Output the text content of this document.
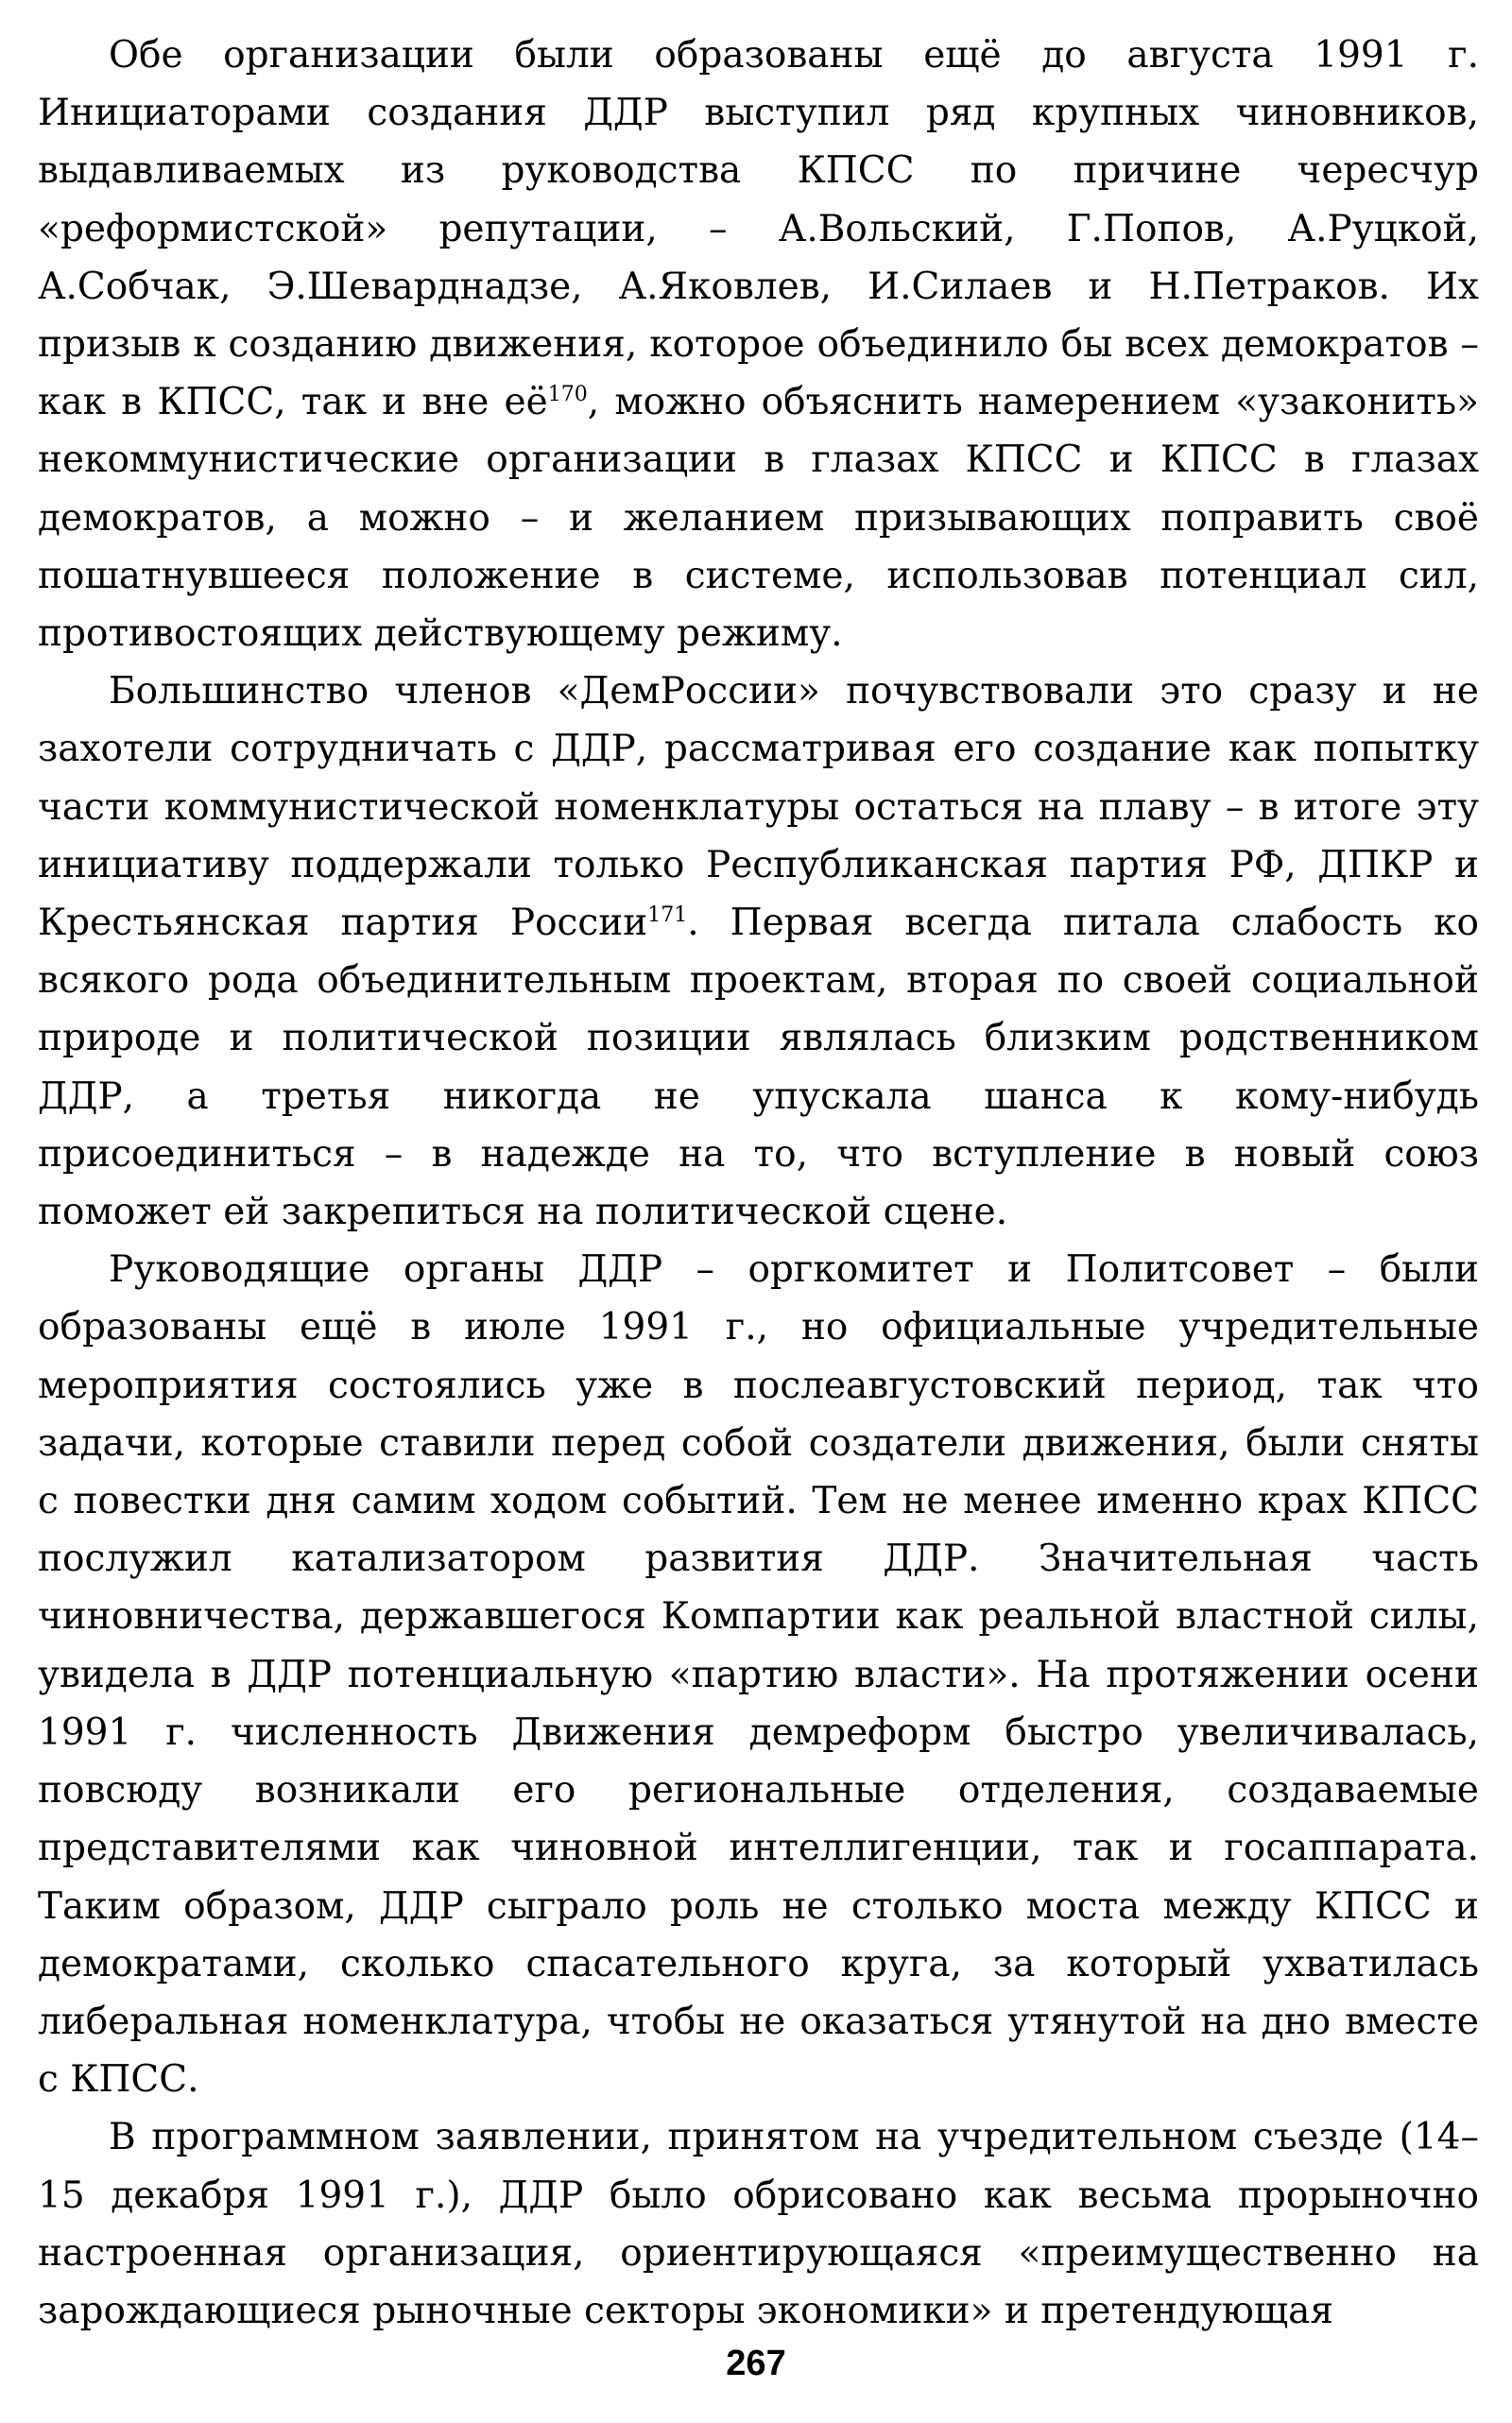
Обе организации были образованы ещё до августа 1991 г. Инициаторами создания ДДР выступил ряд крупных чиновников, выдавливаемых из руководства КПСС по причине чересчур «реформистской» репутации, – А.Вольский, Г.Попов, А.Руцкой, А.Собчак, Э.Шеварднадзе, А.Яковлев, И.Силаев и Н.Петраков. Их призыв к созданию движения, которое объединило бы всех демократов – как в КПСС, так и вне $её^{170}$, можно объяснить намерением «узаконить» некоммунистические организации в глазах КПСС и КПСС в глазах демократов, а можно – и желанием призывающих поправить своё пошатнувшееся положение в системе, использовав потенциал сил, противостоящих действующему режиму.

Большинство членов «ДемРоссии» почувствовали это сразу и не захотели сотрудничать с ДДР, рассматривая его создание как попытку части коммунистической номенклатуры остаться на плаву – в итоге эту инициативу поддержали только Республиканская партия РФ, ДПКР и Крестьянская партия России$^{171}$. Первая всегда питала слабость ко всякого рода объединительным проектам, вторая по своей социальной природе и политической позиции являлась близким родственником ДДР, а третья никогда не упускала шанса к кому-нибудь присоединиться – в надежде на то, что вступление в новый союз поможет ей закрепиться на политической сцене.

Руководящие органы ДДР – оргкомитет и Политсовет – были образованы ещё в июле 1991 г., но официальные учредительные мероприятия состоялись уже в послеавгустовский период, так что задачи, которые ставили перед собой создатели движения, были сняты с повестки дня самим ходом событий. Тем не менее именно крах КПСС послужил катализатором развития ДДР. Значительная часть чиновничества, державшегося Компартии как реальной властной силы, увидела в ДДР потенциальную «партию власти». На протяжении осени 1991 г. численность Движения демреформ быстро увеличивалась, повсюду возникали его региональные отделения, создаваемые представителями как чиновной интеллигенции, так и госаппарата. Таким образом, ДДР сыграло роль не столько моста между КПСС и демократами, сколько спасательного круга, за который ухватилась либеральная номенклатура, чтобы не оказаться утянутой на дно вместе с КПСС.

В программном заявлении, принятом на учредительном съезде (14–15 декабря 1991 г.), ДДР было обрисовано как весьма прорыночно настроенная организация, ориентирующаяся «преимущественно на зарождающиеся рыночные секторы экономики» и претендующая

267
